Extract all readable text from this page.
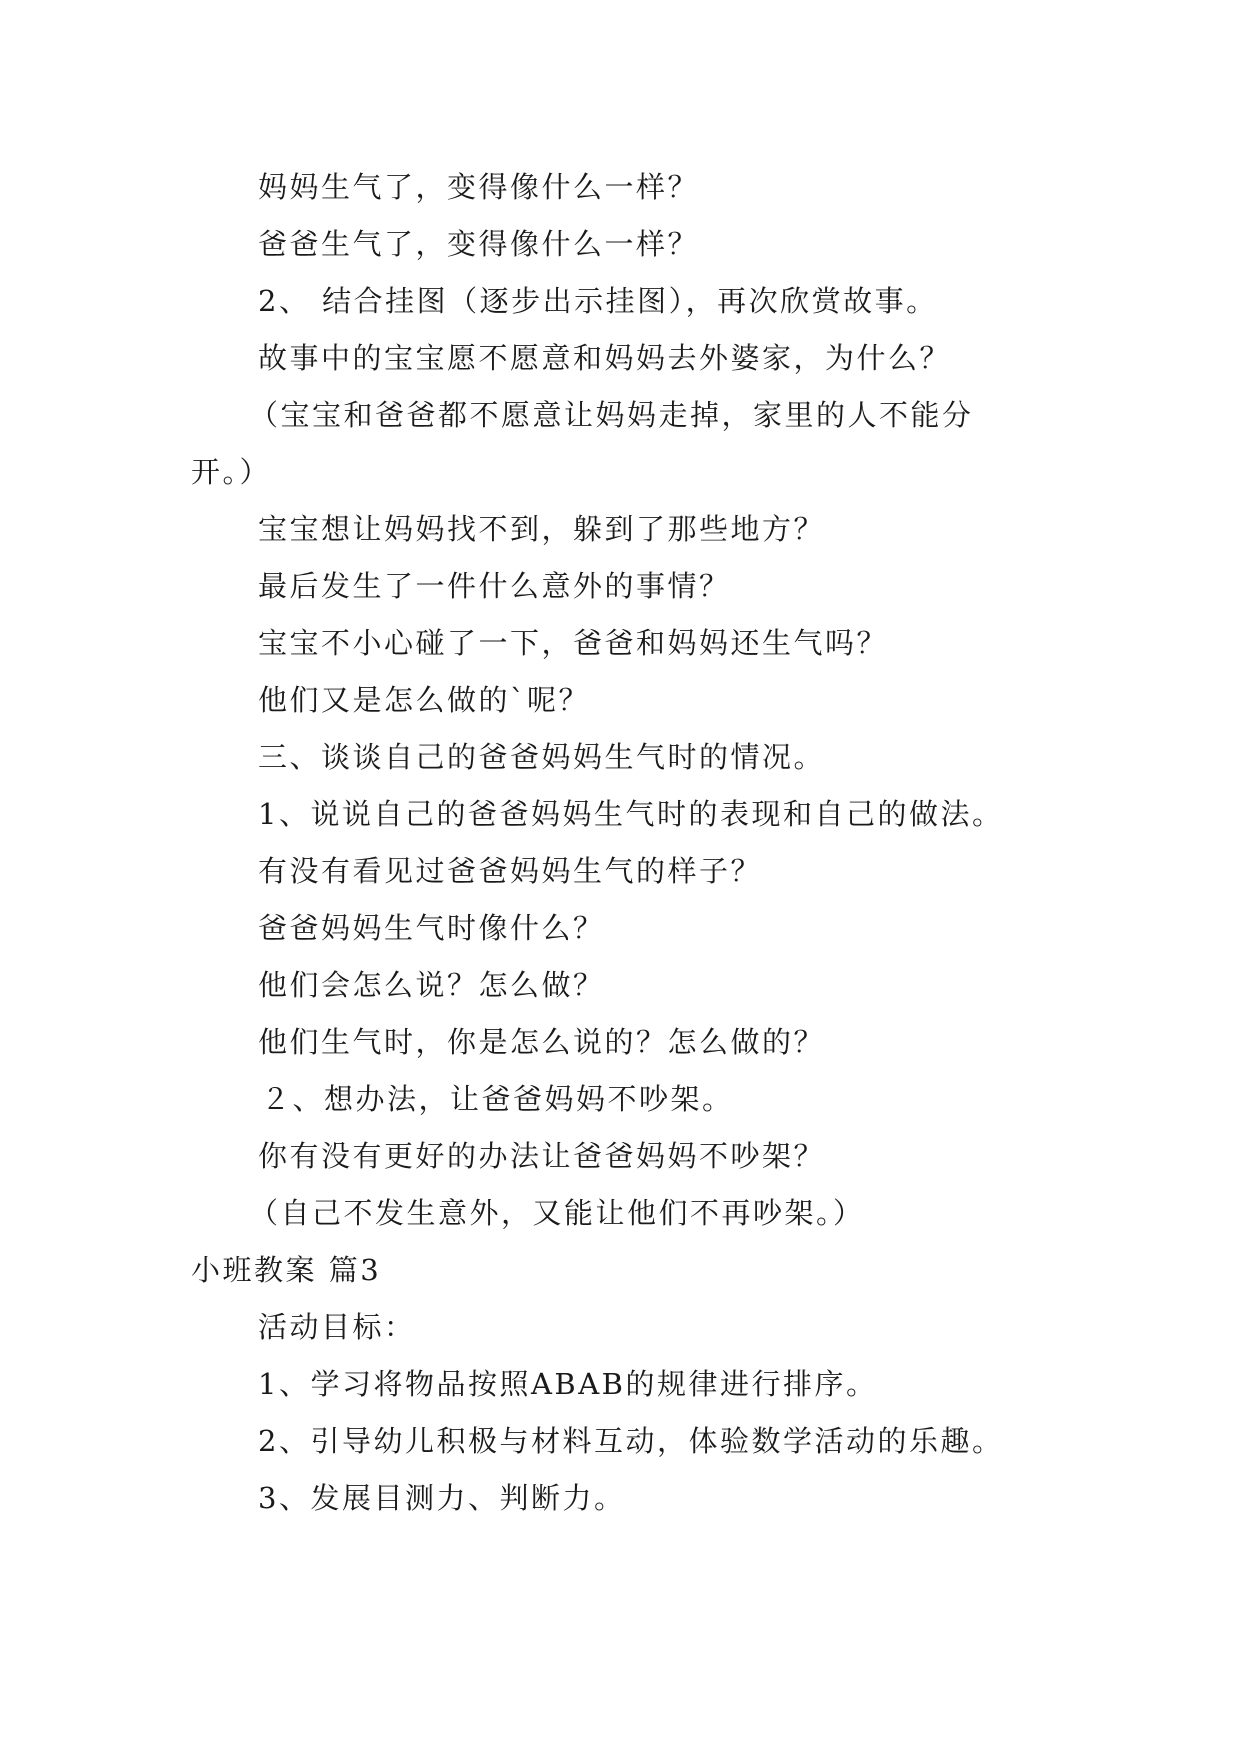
妈妈生气了，变得像什么一样？
爸爸生气了，变得像什么一样？
2、 结合挂图（逐步出示挂图），再次欣赏故事。
故事中的宝宝愿不愿意和妈妈去外婆家，为什么？
（宝宝和爸爸都不愿意让妈妈走掉，家里的人不能分
开。）
宝宝想让妈妈找不到，躲到了那些地方？
最后发生了一件什么意外的事情？
宝宝不小心碰了一下，爸爸和妈妈还生气吗？
他们又是怎么做的`呢？
三、谈谈自己的爸爸妈妈生气时的情况。
1、说说自己的爸爸妈妈生气时的表现和自己的做法。
有没有看见过爸爸妈妈生气的样子？
爸爸妈妈生气时像什么？
他们会怎么说？怎么做？
他们生气时，你是怎么说的？怎么做的？
２、想办法，让爸爸妈妈不吵架。
你有没有更好的办法让爸爸妈妈不吵架？
（自己不发生意外，又能让他们不再吵架。）
小班教案 篇3
活动目标：
1、学习将物品按照ABAB的规律进行排序。
2、引导幼儿积极与材料互动，体验数学活动的乐趣。
3、发展目测力、判断力。
